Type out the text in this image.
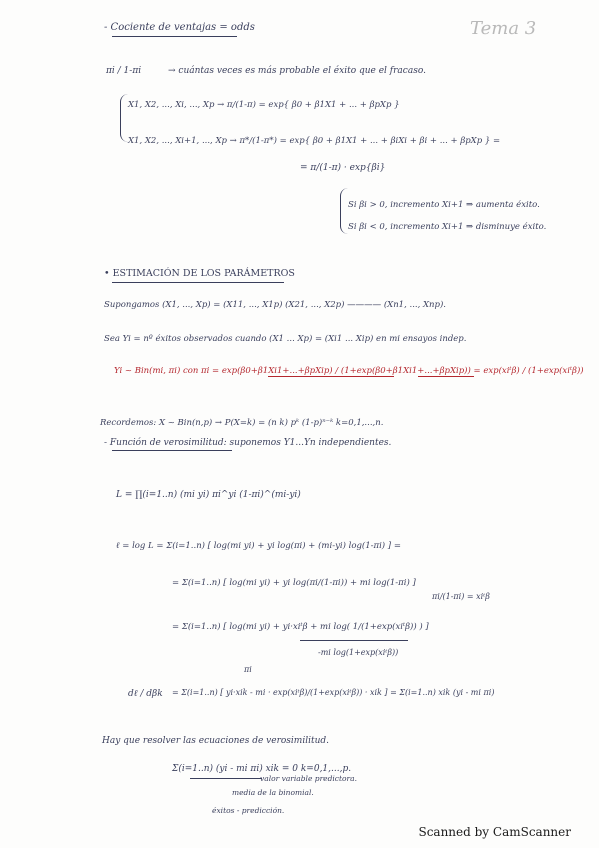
- Cociente de ventajas = odds	Tema 3
πi / 1-πi	→ cuántas veces es más probable el éxito que el fracaso.
X1, X2, ..., Xi, ..., Xp → π/(1-π) = exp{ β0 + β1X1 + ... + βpXp }
X1, X2, ..., Xi+1, ..., Xp → π*/(1-π*) = exp{ β0 + β1X1 + ... + βiXi + βi + ... + βpXp } =
= π/(1-π) · exp{βi}
Si βi > 0, incremento Xi+1 ⇒ aumenta éxito.
Si βi < 0, incremento Xi+1 ⇒ disminuye éxito.
• ESTIMACIÓN DE LOS PARÁMETROS
Supongamos (X1, ..., Xp) = (X11, ..., X1p) (X21, ..., X2p) ———— (Xn1, ..., Xnp).
Sea Yi = nº éxitos observados cuando (X1 ... Xp) = (Xi1 ... Xip) en mi ensayos indep.
Yi ~ Bin(mi, πi) con πi = exp(β0+β1Xi1+...+βpXip) / (1+exp(β0+β1Xi1+...+βpXip)) = exp(xiᵗβ) / (1+exp(xiᵗβ))
Recordemos: X ~ Bin(n,p) → P(X=k) = (n k) pᵏ (1-p)ⁿ⁻ᵏ k=0,1,...,n.
- Función de verosimilitud: suponemos Y1...Yn independientes.
L = ∏(i=1..n) (mi yi) πi^yi (1-πi)^(mi-yi)
ℓ = log L = Σ(i=1..n) [ log(mi yi) + yi log(πi) + (mi-yi) log(1-πi) ] =
= Σ(i=1..n) [ log(mi yi) + yi log(πi/(1-πi)) + mi log(1-πi) ]
πi/(1-πi) = xiᵗβ
= Σ(i=1..n) [ log(mi yi) + yi·xiᵗβ + mi log( 1/(1+exp(xiᵗβ)) ) ]
-mi log(1+exp(xiᵗβ))
πi
dℓ / dβk = Σ(i=1..n) [ yi·xik - mi · exp(xiᵗβ)/(1+exp(xiᵗβ)) · xik ] = Σ(i=1..n) xik (yi - mi πi)
Hay que resolver las ecuaciones de verosimilitud.
Σ(i=1..n) (yi - mi πi) xik = 0 k=0,1,...,p.
valor variable predictora.
media de la binomial.
éxitos - predicción.
Scanned by CamScanner
